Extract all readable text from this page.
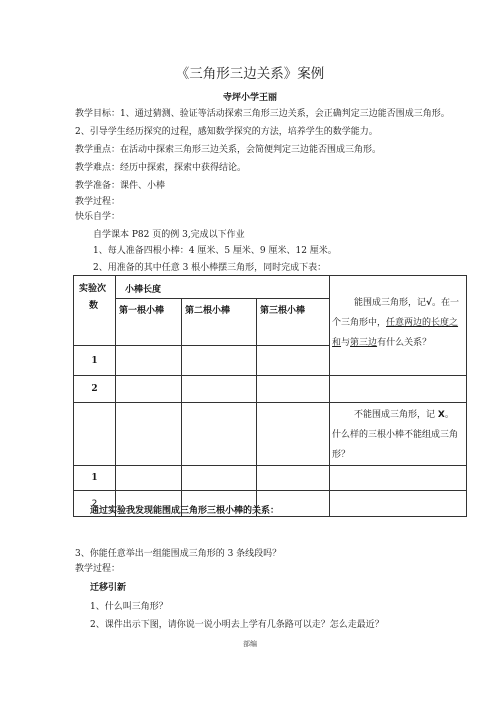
《三角形三边关系》案例
寺坪小学王丽
教学目标：1、通过猜测、验证等活动探索三角形三边关系，会正确判定三边能否围成三角形。
2、引导学生经历探究的过程，感知数学探究的方法，培养学生的数学能力。
教学重点：在活动中探索三角形三边关系，会简便判定三边能否围成三角形。
教学难点：经历中探索，探索中获得结论。
教学准备：课件、小棒
教学过程：
快乐自学：
自学课本 P82 页的例 3,完成以下作业
1、每人准备四根小棒：4 厘米、5 厘米、9 厘米、12 厘米。
2、用准备的其中任意 3 根小棒摆三角形，同时完成下表：
实验次
数	小棒长度			能围成三角形，记√。在一个三角形中，任意两边的长度之和与第三边有什么关系？

	第一根小棒	第二根小棒	第三根小棒	

1				
2				

				不能围成三角形，记 X。什么样的三根小棒不能组成三角形？

1				
2				
通过实验我发现能围成三角形三根小棒的关系：
3、你能任意举出一组能围成三角形的 3 条线段吗？
教学过程：
迁移引新
1、什么叫三角形？
2、课件出示下图，请你说一说小明去上学有几条路可以走？怎么走最近？
部编
